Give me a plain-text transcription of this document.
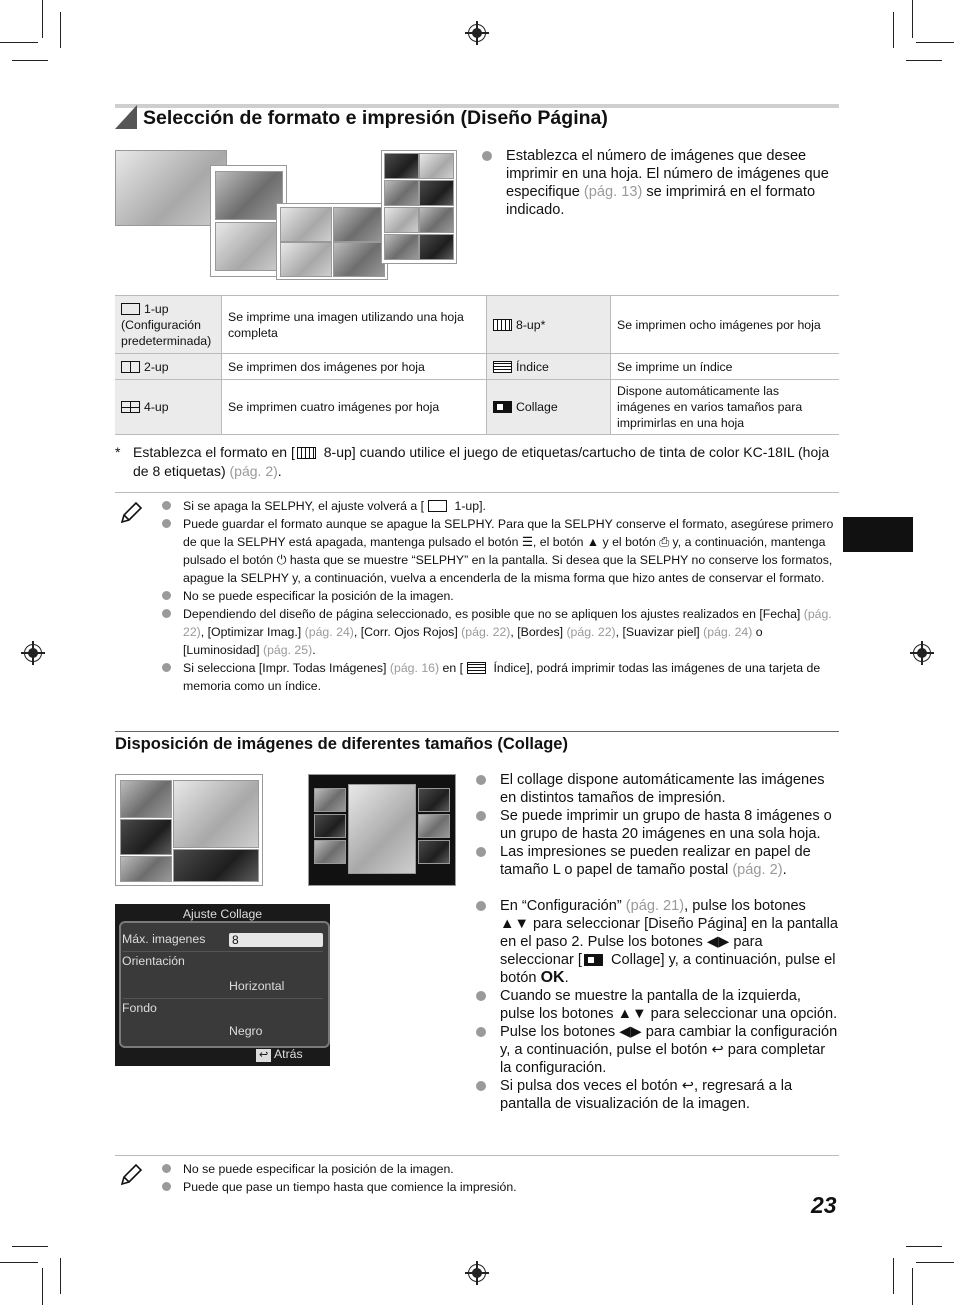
Selección de formato e impresión (Diseño Página)
Establezca el número de imágenes que desee imprimir en una hoja. El número de imágenes que especifique (pág. 13) se imprimirá en el formato indicado.
1-up (Configuración predeterminada)	Se imprime una imagen utilizando una hoja completa	8-up*	Se imprimen ocho imágenes por hoja
2-up	Se imprimen dos imágenes por hoja	Índice	Se imprime un índice
4-up	Se imprimen cuatro imágenes por hoja	Collage	Dispone automáticamente las imágenes en varios tamaños para imprimirlas en una hoja
* Establezca el formato en [ 8-up] cuando utilice el juego de etiquetas/cartucho de tinta de color KC-18IL (hoja de 8 etiquetas) (pág. 2).
Si se apaga la SELPHY, el ajuste volverá a [ 1-up].
Puede guardar el formato aunque se apague la SELPHY. Para que la SELPHY conserve el formato, asegúrese primero de que la SELPHY está apagada, mantenga pulsado el botón ☰, el botón ▲ y el botón ⎙ y, a continuación, mantenga pulsado el botón ⏻ hasta que se muestre “SELPHY” en la pantalla. Si desea que la SELPHY no conserve los formatos, apague la SELPHY y, a continuación, vuelva a encenderla de la misma forma que hizo antes de conservar el formato.
No se puede especificar la posición de la imagen.
Dependiendo del diseño de página seleccionado, es posible que no se apliquen los ajustes realizados en [Fecha] (pág. 22), [Optimizar Imag.] (pág. 24), [Corr. Ojos Rojos] (pág. 22), [Bordes] (pág. 22), [Suavizar piel] (pág. 24) o [Luminosidad] (pág. 25).
Si selecciona [Impr. Todas Imágenes] (pág. 16) en [ Índice], podrá imprimir todas las imágenes de una tarjeta de memoria como un índice.
Disposición de imágenes de diferentes tamaños (Collage)
El collage dispone automáticamente las imágenes en distintos tamaños de impresión.
Se puede imprimir un grupo de hasta 8 imágenes o un grupo de hasta 20 imágenes en una sola hoja.
Las impresiones se pueden realizar en papel de tamaño L o papel de tamaño postal (pág. 2).
En “Configuración” (pág. 21), pulse los botones ▲▼ para seleccionar [Diseño Página] en la pantalla en el paso 2. Pulse los botones ◀▶ para seleccionar [ Collage] y, a continuación, pulse el botón OK.
Cuando se muestre la pantalla de la izquierda, pulse los botones ▲▼ para seleccionar una opción.
Pulse los botones ◀▶ para cambiar la configuración y, a continuación, pulse el botón ↩ para completar la configuración.
Si pulsa dos veces el botón ↩, regresará a la pantalla de visualización de la imagen.
Ajuste Collage
Máx. imagenes 8
Orientación
Horizontal
Fondo
Negro
↩ Atrás
No se puede especificar la posición de la imagen.
Puede que pase un tiempo hasta que comience la impresión.
23
